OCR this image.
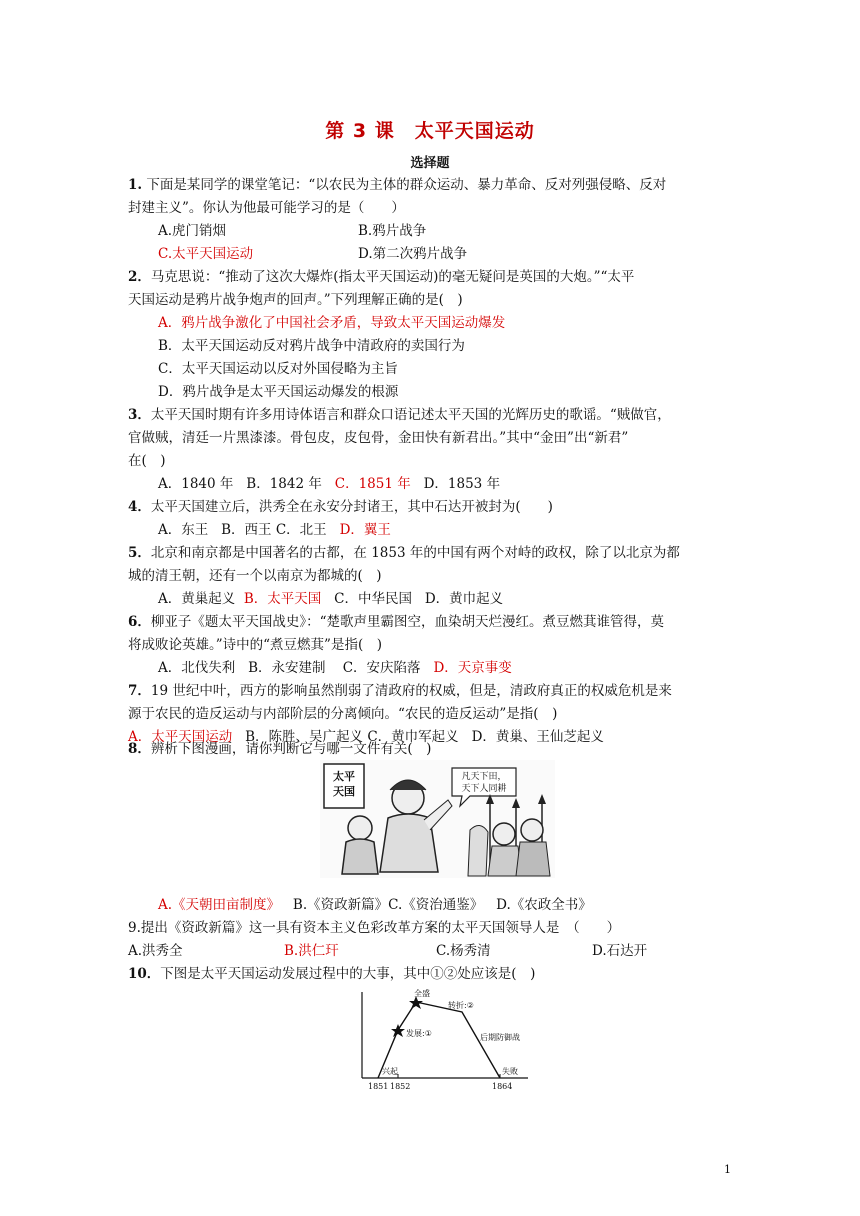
第 3 课　太平天国运动
选择题
1. 下面是某同学的课堂笔记：“以农民为主体的群众运动、暴力革命、反对列强侵略、反对
封建主义”。你认为他最可能学习的是（　　）
A.虎门销烟	B.鸦片战争
C.太平天国运动	D.第二次鸦片战争
2．马克思说：“推动了这次大爆炸(指太平天国运动)的毫无疑问是英国的大炮。”“太平
天国运动是鸦片战争炮声的回声。”下列理解正确的是(　)
A．鸦片战争激化了中国社会矛盾，导致太平天国运动爆发
B．太平天国运动反对鸦片战争中清政府的卖国行为
C．太平天国运动以反对外国侵略为主旨
D．鸦片战争是太平天国运动爆发的根源
3．太平天国时期有许多用诗体语言和群众口语记述太平天国的光辉历史的歌谣。“贼做官，
官做贼，清廷一片黑漆漆。骨包皮，皮包骨，金田快有新君出。”其中“金田”出“新君”
在(　)
A．1840 年 B．1842 年 C．1851 年 D．1853 年
4．太平天国建立后，洪秀全在永安分封诸王，其中石达开被封为(　　)
A．东王 B．西王 C．北王 D．翼王
5．北京和南京都是中国著名的古都，在 1853 年的中国有两个对峙的政权，除了以北京为都
城的清王朝，还有一个以南京为都城的(　)
A．黄巢起义 B．太平天国 C．中华民国 D．黄巾起义
6．柳亚子《题太平天国战史》：“楚歌声里霸图空，血染胡天烂漫红。煮豆燃萁谁管得，莫
将成败论英雄。”诗中的“煮豆燃萁”是指(　)
A．北伐失利 B．永安建制 C．安庆陷落 D．天京事变
7．19 世纪中叶，西方的影响虽然削弱了清政府的权威，但是，清政府真正的权威危机是来
源于农民的造反运动与内部阶层的分离倾向。“农民的造反运动”是指(　)
A．太平天国运动 B．陈胜、吴广起义 C．黄巾军起义 D．黄巢、王仙芝起义
8．辨析下图漫画，请你判断它与哪一文件有关(　)
太平
天国
凡天下田，
天下人同耕
A.《天朝田亩制度》 B.《资政新篇》C.《资治通鉴》 D.《农政全书》
9.提出《资政新篇》这一具有资本主义色彩改革方案的太平天国领导人是　（　　）
A.洪秀全	B.洪仁玕	C.杨秀清	D.石达开
10．下图是太平天国运动发展过程中的大事，其中①②处应该是(　)
全盛
转折:②
发展:①	后期防御战
兴起	失败
1851 1852	1864
1
